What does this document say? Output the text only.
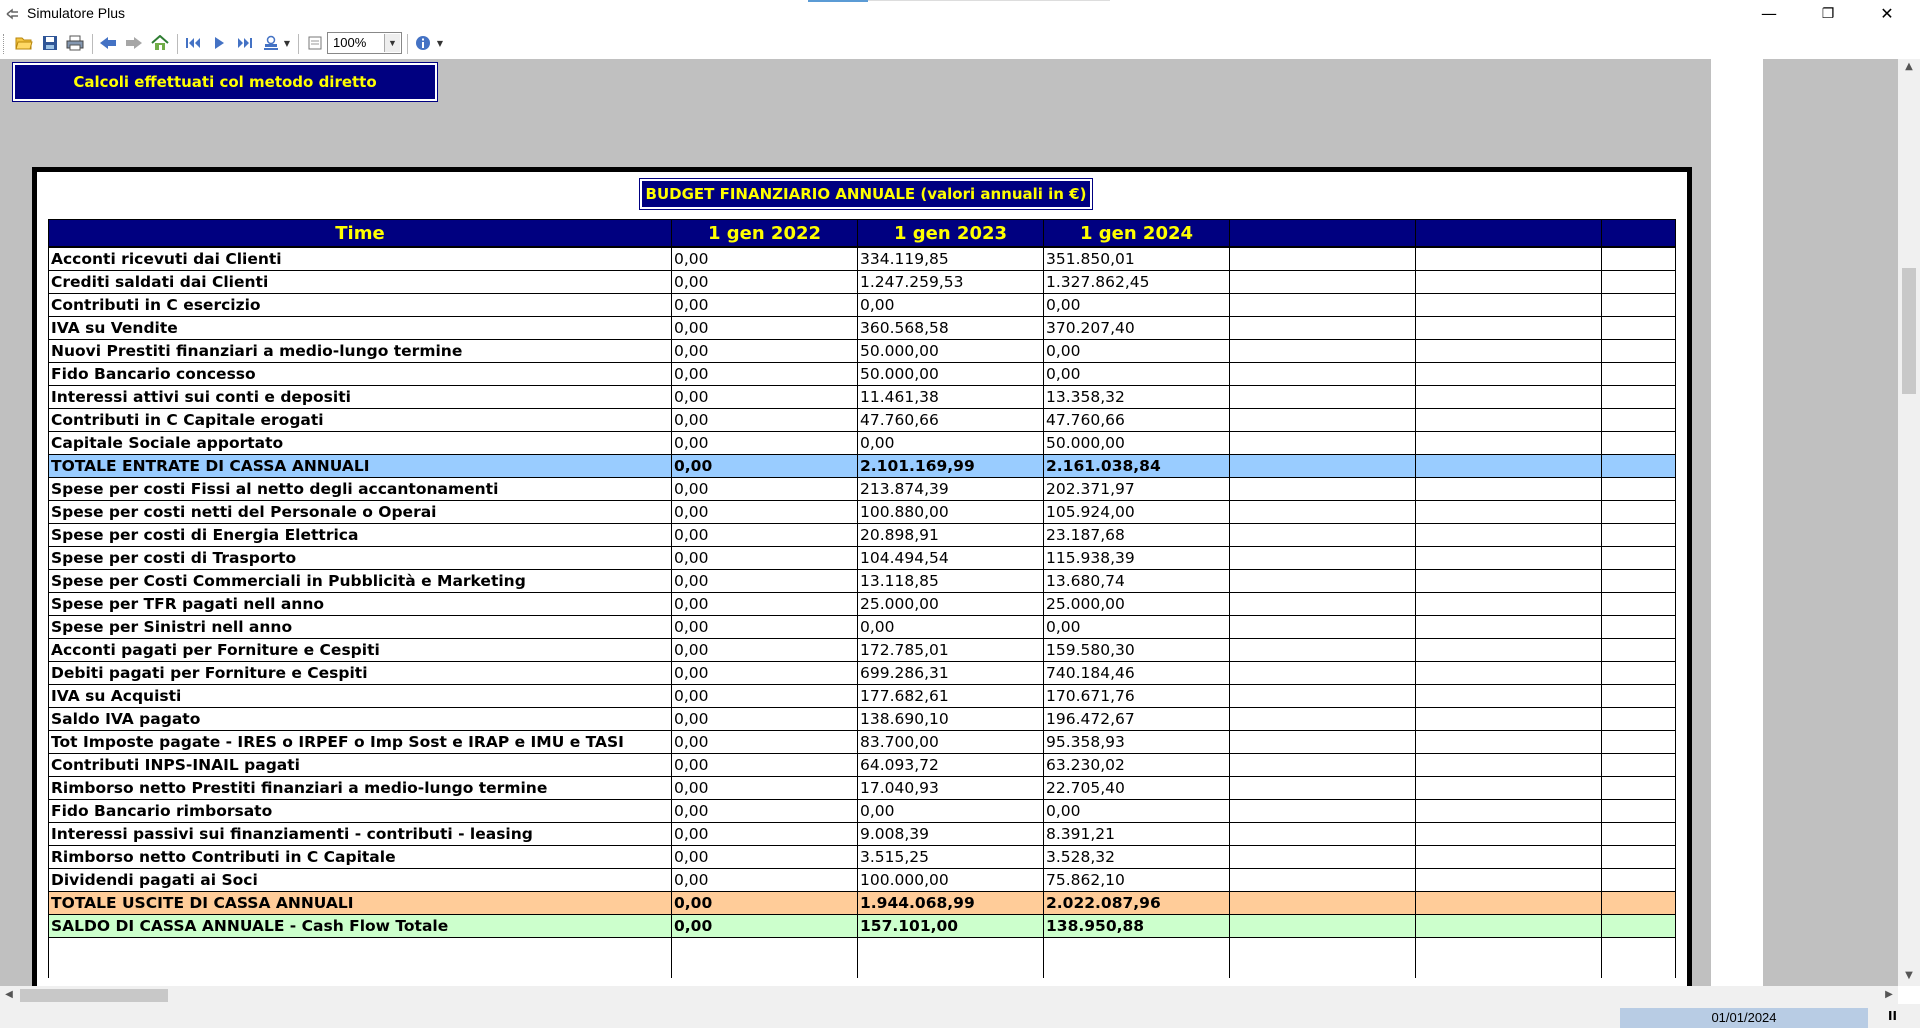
Simulatore Plus	—	❐	✕
▼	100%	▼	▼
Calcoli effettuati col metodo diretto
BUDGET FINANZIARIO ANNUALE (valori annuali in €)
Time	1 gen 2022	1 gen 2023	1 gen 2024			
Acconti ricevuti dai Clienti	0,00	334.119,85	351.850,01			
Crediti saldati dai Clienti	0,00	1.247.259,53	1.327.862,45			
Contributi in C esercizio	0,00	0,00	0,00			
IVA su Vendite	0,00	360.568,58	370.207,40			
Nuovi Prestiti finanziari a medio-lungo termine	0,00	50.000,00	0,00			
Fido Bancario concesso	0,00	50.000,00	0,00			
Interessi attivi sui conti e depositi	0,00	11.461,38	13.358,32			
Contributi in C Capitale erogati	0,00	47.760,66	47.760,66			
Capitale Sociale apportato	0,00	0,00	50.000,00			
TOTALE ENTRATE DI CASSA ANNUALI	0,00	2.101.169,99	2.161.038,84			
Spese per costi Fissi al netto degli accantonamenti	0,00	213.874,39	202.371,97			
Spese per costi netti del Personale o Operai	0,00	100.880,00	105.924,00			
Spese per costi di Energia Elettrica	0,00	20.898,91	23.187,68			
Spese per costi di Trasporto	0,00	104.494,54	115.938,39			
Spese per Costi Commerciali in Pubblicità e Marketing	0,00	13.118,85	13.680,74			
Spese per TFR pagati nell anno	0,00	25.000,00	25.000,00			
Spese per Sinistri nell anno	0,00	0,00	0,00			
Acconti pagati per Forniture e Cespiti	0,00	172.785,01	159.580,30			
Debiti pagati per Forniture e Cespiti	0,00	699.286,31	740.184,46			
IVA su Acquisti	0,00	177.682,61	170.671,76			
Saldo IVA pagato	0,00	138.690,10	196.472,67			
Tot Imposte pagate - IRES o IRPEF o Imp Sost e IRAP e IMU e TASI	0,00	83.700,00	95.358,93			
Contributi INPS-INAIL pagati	0,00	64.093,72	63.230,02			
Rimborso netto Prestiti finanziari a medio-lungo termine	0,00	17.040,93	22.705,40			
Fido Bancario rimborsato	0,00	0,00	0,00			
Interessi passivi sui finanziamenti - contributi - leasing	0,00	9.008,39	8.391,21			
Rimborso netto Contributi in C Capitale	0,00	3.515,25	3.528,32			
Dividendi pagati ai Soci	0,00	100.000,00	75.862,10			
TOTALE USCITE DI CASSA ANNUALI	0,00	1.944.068,99	2.022.087,96			
SALDO DI CASSA ANNUALE - Cash Flow Totale	0,00	157.101,00	138.950,88			

▲
▼
◀	▶
01/01/2024	II
